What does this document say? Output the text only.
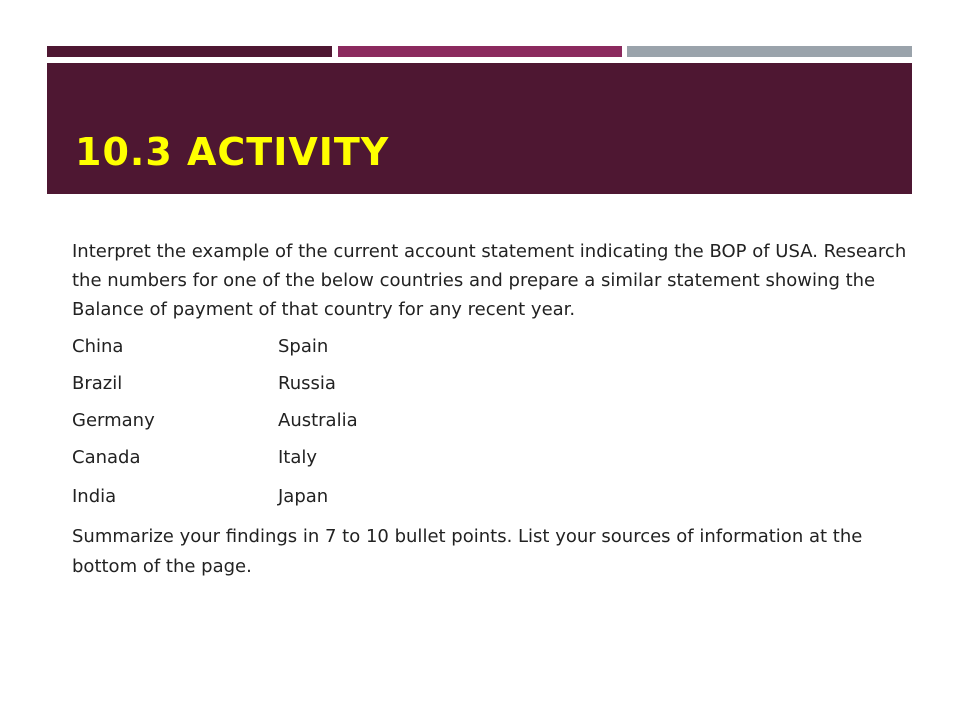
10.3 ACTIVITY

Interpret the example of the current account statement indicating the BOP of USA. Research the numbers for one of the below countries and prepare a similar statement showing the Balance of payment of that country for any recent year.

China	Spain
Brazil	Russia
Germany	Australia
Canada	Italy
India	Japan

Summarize your findings in 7 to 10 bullet points. List your sources of information at the bottom of the page.
